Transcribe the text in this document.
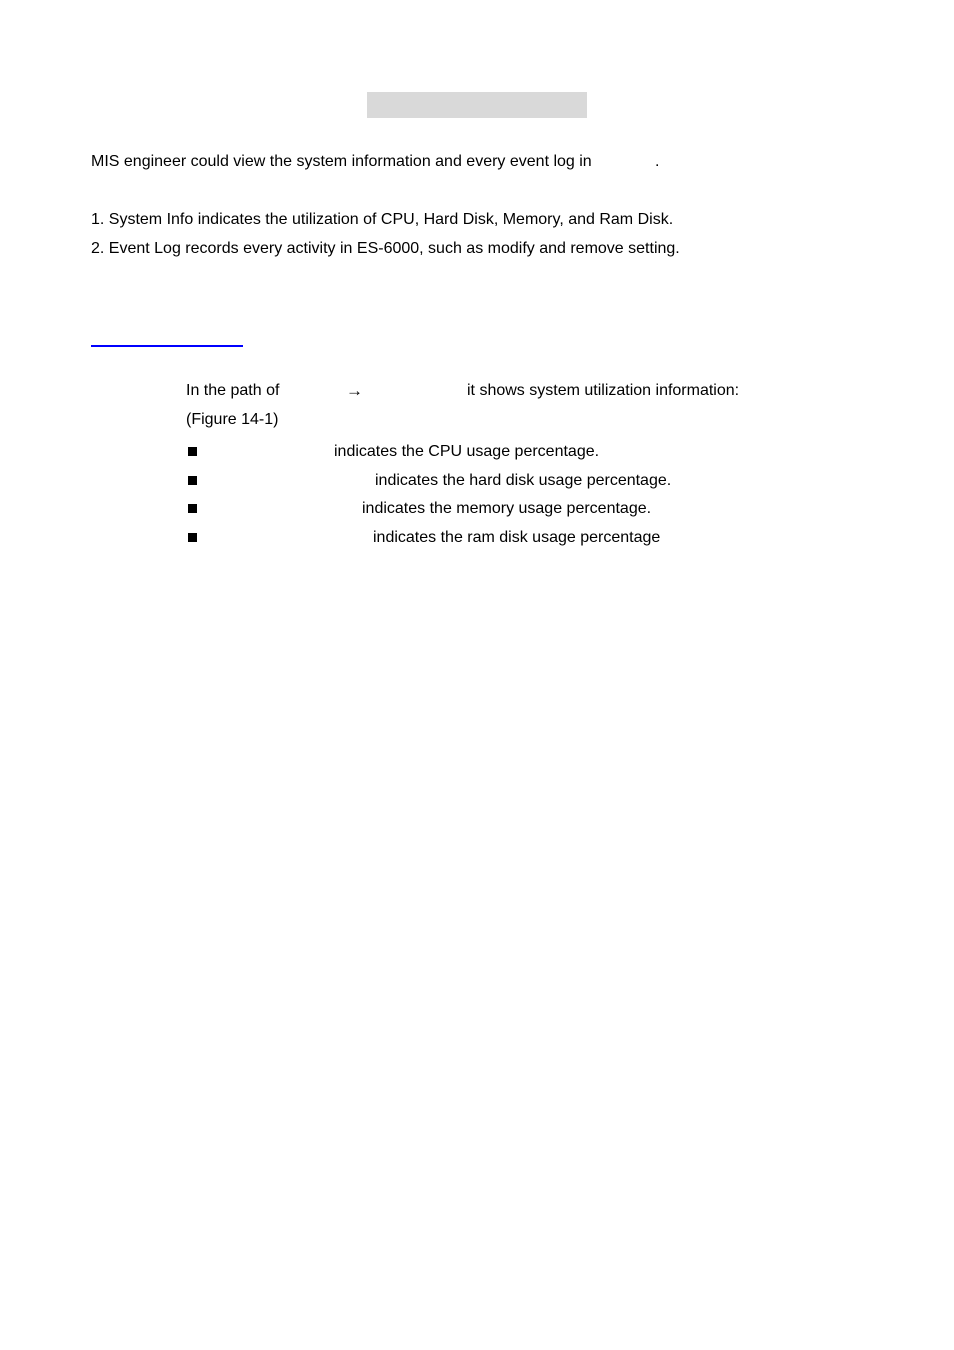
MIS engineer could view the system information and every event log in	.
1. System Info indicates the utilization of CPU, Hard Disk, Memory, and Ram Disk.
2. Event Log records every activity in ES-6000, such as modify and remove setting.
In the path of	→	it shows system utilization information:
(Figure 14-1)
indicates the CPU usage percentage.
indicates the hard disk usage percentage.
indicates the memory usage percentage.
indicates the ram disk usage percentage
